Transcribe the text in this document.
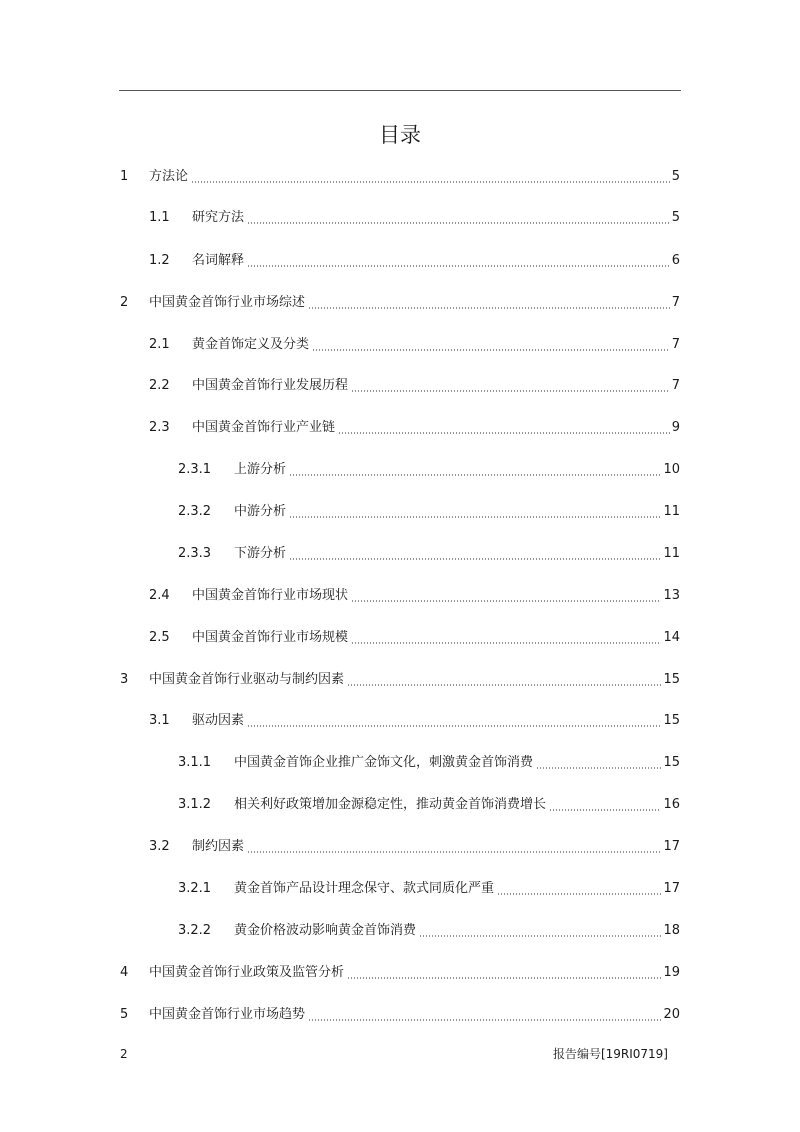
目录
1	方法论	5
1.1	研究方法	5
1.2	名词解释	6
2	中国黄金首饰行业市场综述	7
2.1	黄金首饰定义及分类	7
2.2	中国黄金首饰行业发展历程	7
2.3	中国黄金首饰行业产业链	9
2.3.1	上游分析	10
2.3.2	中游分析	11
2.3.3	下游分析	11
2.4	中国黄金首饰行业市场现状	13
2.5	中国黄金首饰行业市场规模	14
3	中国黄金首饰行业驱动与制约因素	15
3.1	驱动因素	15
3.1.1	中国黄金首饰企业推广金饰文化，刺激黄金首饰消费	15
3.1.2	相关利好政策增加金源稳定性，推动黄金首饰消费增长	16
3.2	制约因素	17
3.2.1	黄金首饰产品设计理念保守、款式同质化严重	17
3.2.2	黄金价格波动影响黄金首饰消费	18
4	中国黄金首饰行业政策及监管分析	19
5	中国黄金首饰行业市场趋势	20
2	报告编号[19RI0719]
